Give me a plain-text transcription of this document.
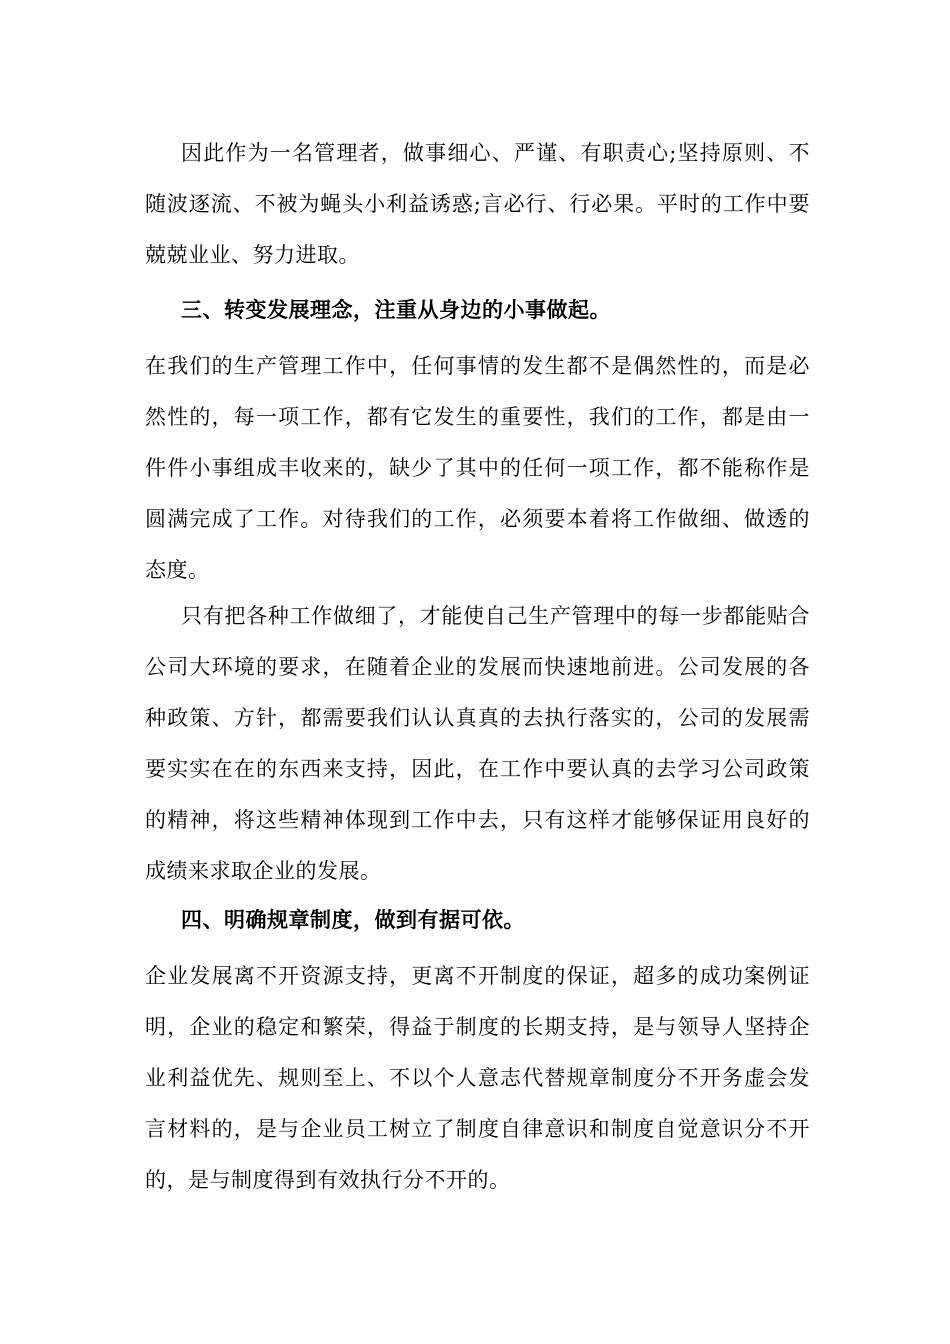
因此作为一名管理者，做事细心、严谨、有职责心;坚持原则、不随波逐流、不被为蝇头小利益诱惑;言必行、行必果。平时的工作中要兢兢业业、努力进取。

三、转变发展理念，注重从身边的小事做起。

在我们的生产管理工作中，任何事情的发生都不是偶然性的，而是必然性的，每一项工作，都有它发生的重要性，我们的工作，都是由一件件小事组成丰收来的，缺少了其中的任何一项工作，都不能称作是圆满完成了工作。对待我们的工作，必须要本着将工作做细、做透的态度。

只有把各种工作做细了，才能使自己生产管理中的每一步都能贴合公司大环境的要求，在随着企业的发展而快速地前进。公司发展的各种政策、方针，都需要我们认认真真的去执行落实的，公司的发展需要实实在在的东西来支持，因此，在工作中要认真的去学习公司政策的精神，将这些精神体现到工作中去，只有这样才能够保证用良好的成绩来求取企业的发展。

四、明确规章制度，做到有据可依。

企业发展离不开资源支持，更离不开制度的保证，超多的成功案例证明，企业的稳定和繁荣，得益于制度的长期支持，是与领导人坚持企业利益优先、规则至上、不以个人意志代替规章制度分不开务虚会发言材料的，是与企业员工树立了制度自律意识和制度自觉意识分不开的，是与制度得到有效执行分不开的。
